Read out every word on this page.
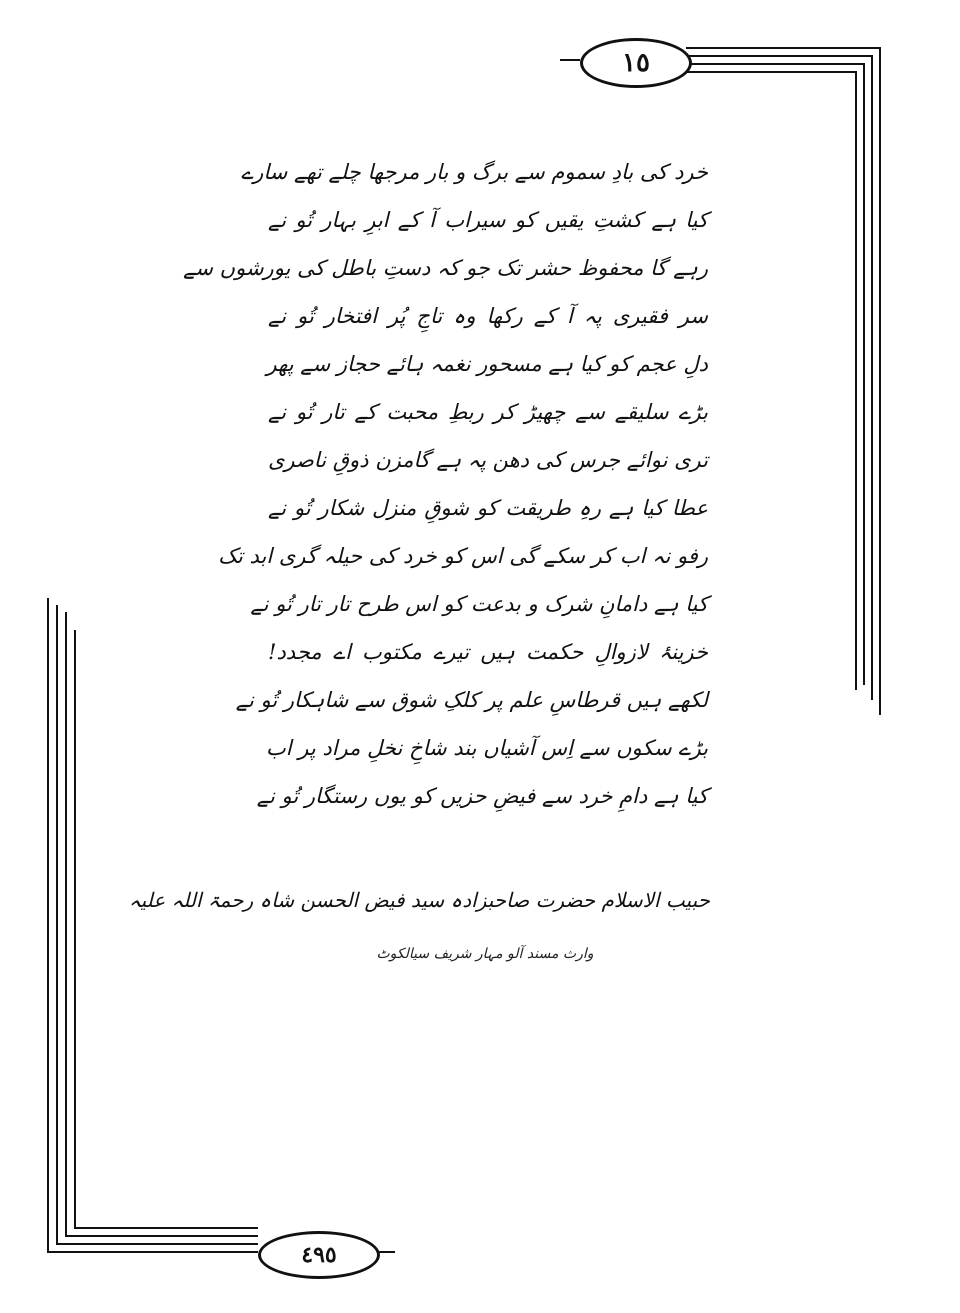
١٥
خرد کی بادِ سموم سے برگ و بار مرجھا چلے تھے سارے
کیا ہے کشتِ یقیں کو سیراب آ کے ابرِ بہار تُو نے
رہے گا محفوظ حشر تک جو کہ دستِ باطل کی یورشوں سے
سر فقیری پہ آ کے رکھا وہ تاجِ پُر افتخار تُو نے
دلِ عجم کو کیا ہے مسحور نغمہ ہائے حجاز سے پھر
بڑے سلیقے سے چھیڑ کر ربطِ محبت کے تار تُو نے
تری نوائے جرس کی دھن پہ ہے گامزن ذوقِ ناصری
عطا کیا ہے رہِ طریقت کو شوقِ منزل شکار تُو نے
رفو نہ اب کر سکے گی اس کو خرد کی حیلہ گری ابد تک
کیا ہے دامانِ شرک و بدعت کو اس طرح تار تار تُو نے
خزینۂ لازوالِ حکمت ہیں تیرے مکتوب اے مجدد!
لکھے ہیں قرطاسِ علم پر کلکِ شوق سے شاہکار تُو نے
بڑے سکوں سے اِس آشیاں بند شاخِ نخلِ مراد پر اب
کیا ہے دامِ خرد سے فیضِ حزیں کو یوں رستگار تُو نے
حبیب الاسلام حضرت صاحبزادہ سید فیض الحسن شاہ رحمۃ اللہ علیہ
وارث مسند آلو مہار شریف سیالکوٹ
٤٩٥
